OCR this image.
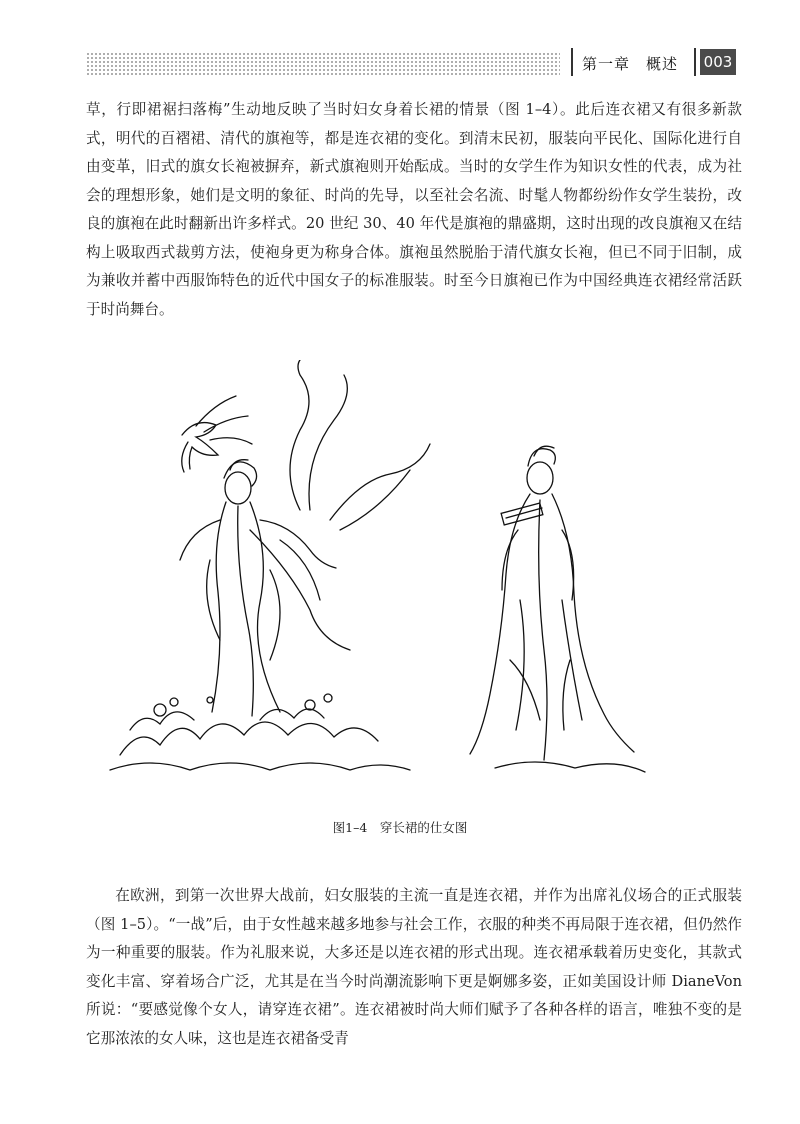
第一章　概述 003

草，行即裙裾扫落梅”生动地反映了当时妇女身着长裙的情景（图 1–4）。此后连衣裙又有很多新款式，明代的百褶裙、清代的旗袍等，都是连衣裙的变化。到清末民初，服装向平民化、国际化进行自由变革，旧式的旗女长袍被摒弃，新式旗袍则开始酝成。当时的女学生作为知识女性的代表，成为社会的理想形象，她们是文明的象征、时尚的先导，以至社会名流、时髦人物都纷纷作女学生装扮，改良的旗袍在此时翻新出许多样式。20 世纪 30、40 年代是旗袍的鼎盛期，这时出现的改良旗袍又在结构上吸取西式裁剪方法，使袍身更为称身合体。旗袍虽然脱胎于清代旗女长袍，但已不同于旧制，成为兼收并蓄中西服饰特色的近代中国女子的标准服装。时至今日旗袍已作为中国经典连衣裙经常活跃于时尚舞台。

图1–4　穿长裙的仕女图

在欧洲，到第一次世界大战前，妇女服装的主流一直是连衣裙，并作为出席礼仪场合的正式服装（图 1–5）。“一战”后，由于女性越来越多地参与社会工作，衣服的种类不再局限于连衣裙，但仍然作为一种重要的服装。作为礼服来说，大多还是以连衣裙的形式出现。连衣裙承载着历史变化，其款式变化丰富、穿着场合广泛，尤其是在当今时尚潮流影响下更是婀娜多姿，正如美国设计师 DianeVon 所说：“要感觉像个女人，请穿连衣裙”。连衣裙被时尚大师们赋予了各种各样的语言，唯独不变的是它那浓浓的女人味，这也是连衣裙备受青
